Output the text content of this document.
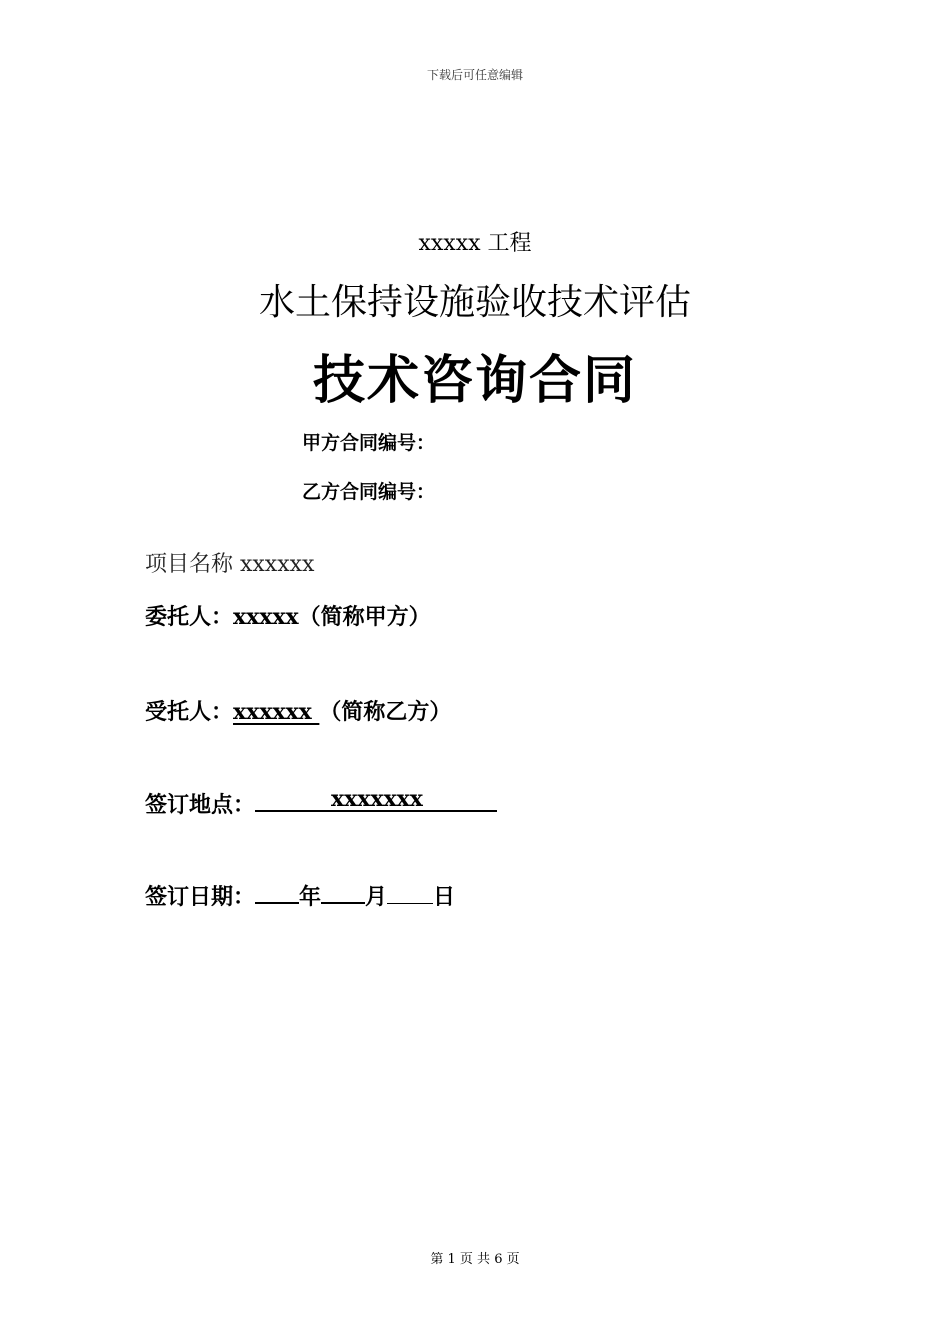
下载后可任意编辑
xxxxx 工程
水土保持设施验收技术评估
技术咨询合同
甲方合同编号：
乙方合同编号：
项目名称 xxxxxx
委托人：xxxxx（简称甲方）
受托人：xxxxxx （简称乙方）
签订地点：	xxxxxxx
签订日期： 年 月 日
第 1 页 共 6 页
